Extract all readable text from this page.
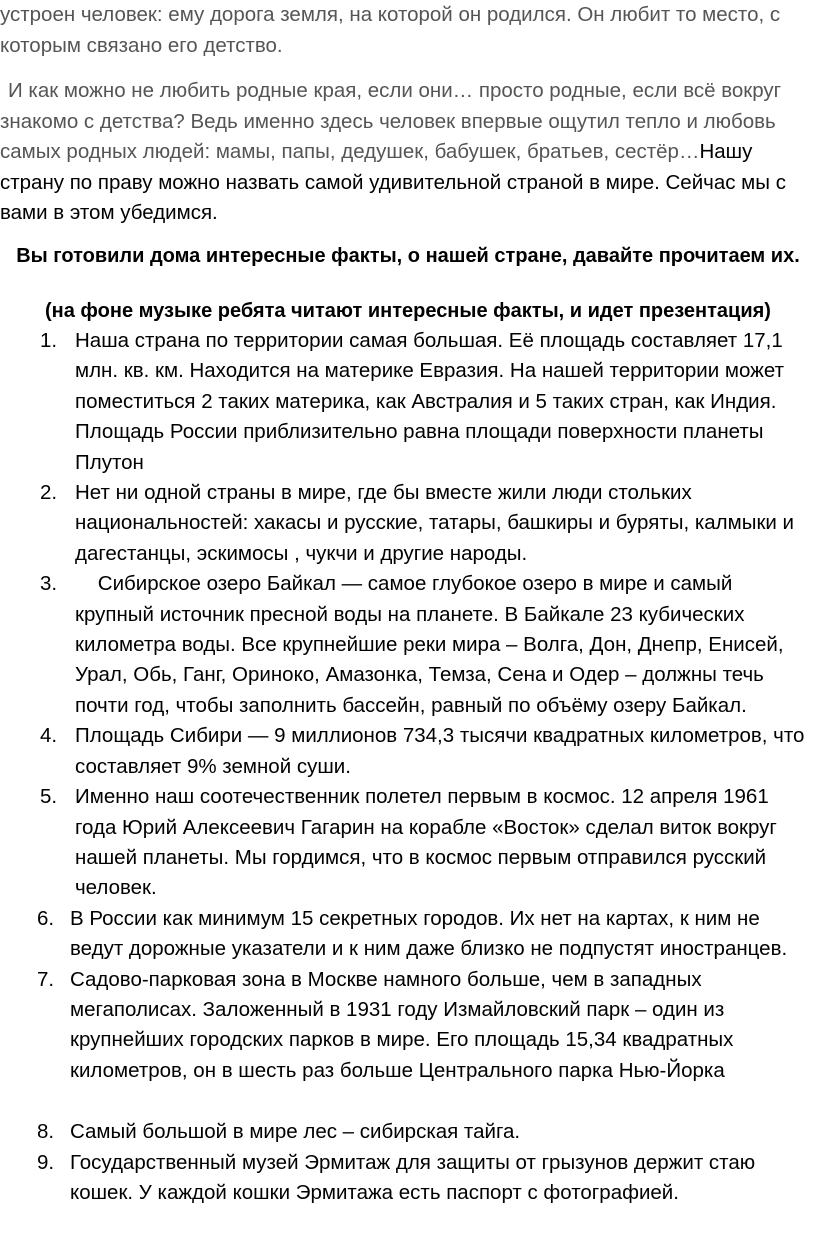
устроен человек: ему дорога земля, на которой он родился. Он любит то место, с которым связано его детство.

И как можно не любить родные края, если они… просто родные, если всё вокруг знакомо с детства? Ведь именно здесь человек впервые ощутил тепло и любовь самых родных людей: мамы, папы, дедушек, бабушек, братьев, сестёр…Нашу страну по праву можно назвать самой удивительной страной в мире. Сейчас мы с вами в этом убедимся.

Вы готовили дома интересные факты, о нашей стране, давайте прочитаем их.

(на фоне музыке ребята читают интересные факты, и идет презентация)

1. Наша страна по территории самая большая. Её площадь составляет 17,1 млн. кв. км. Находится на материке Евразия. На нашей территории может поместиться 2 таких материка, как Австралия и 5 таких стран, как Индия. Площадь России приблизительно равна площади поверхности планеты Плутон
2. Нет ни одной страны в мире, где бы вместе жили люди стольких национальностей: хакасы и русские, татары, башкиры и буряты, калмыки и дагестанцы, эскимосы , чукчи и другие народы.
3. Сибирское озеро Байкал — самое глубокое озеро в мире и самый крупный источник пресной воды на планете. В Байкале 23 кубических километра воды. Все крупнейшие реки мира – Волга, Дон, Днепр, Енисей, Урал, Обь, Ганг, Ориноко, Амазонка, Темза, Сена и Одер – должны течь почти год, чтобы заполнить бассейн, равный по объёму озеру Байкал.
4. Площадь Сибири — 9 миллионов 734,3 тысячи квадратных километров, что составляет 9% земной суши.
5. Именно наш соотечественник полетел первым в космос. 12 апреля 1961 года Юрий Алексеевич Гагарин на корабле «Восток» сделал виток вокруг нашей планеты. Мы гордимся, что в космос первым отправился русский человек.
6. В России как минимум 15 секретных городов. Их нет на картах, к ним не ведут дорожные указатели и к ним даже близко не подпустят иностранцев.
7. Садово-парковая зона в Москве намного больше, чем в западных мегаполисах. Заложенный в 1931 году Измайловский парк – один из крупнейших городских парков в мире. Его площадь 15,34 квадратных километров, он в шесть раз больше Центрального парка Нью-Йорка
8. Самый большой в мире лес – сибирская тайга.
9. Государственный музей Эрмитаж для защиты от грызунов держит стаю кошек. У каждой кошки Эрмитажа есть паспорт с фотографией.
